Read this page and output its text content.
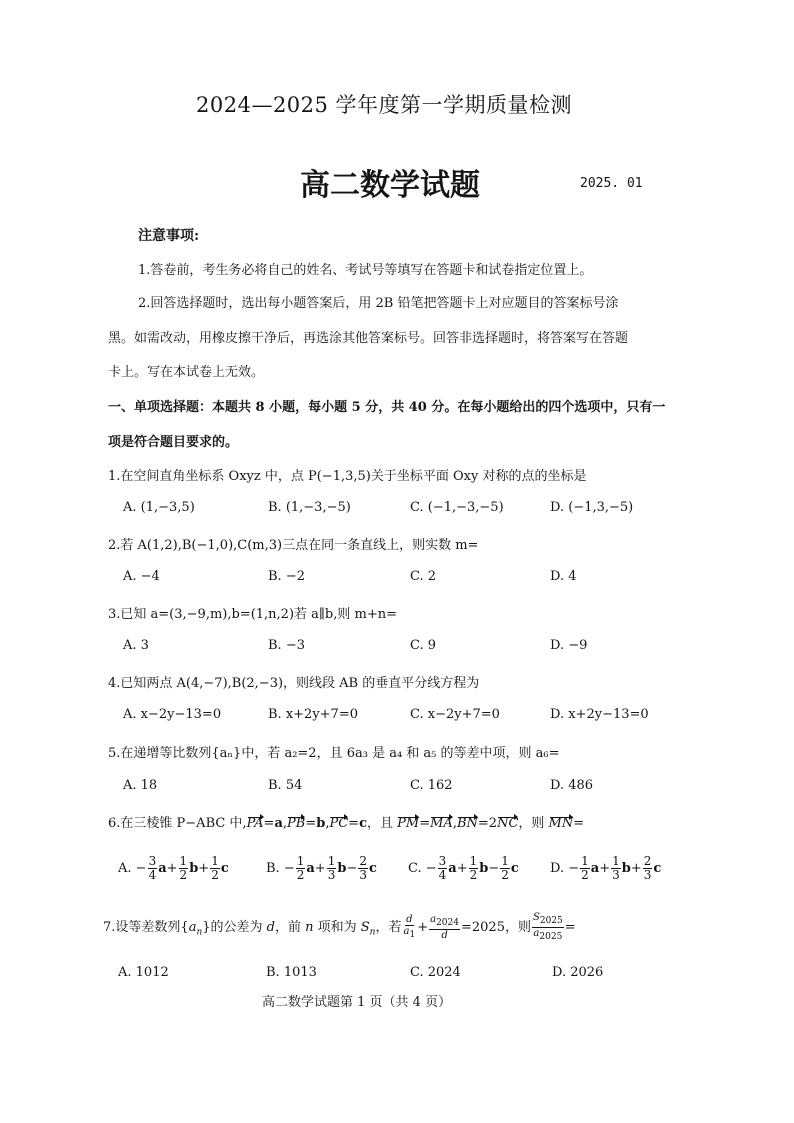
2024—2025 学年度第一学期质量检测
高二数学试题	2025. 01
注意事项:
1.答卷前，考生务必将自己的姓名、考试号等填写在答题卡和试卷指定位置上。
2.回答选择题时，选出每小题答案后，用 2B 铅笔把答题卡上对应题目的答案标号涂
黑。如需改动，用橡皮擦干净后，再选涂其他答案标号。回答非选择题时，将答案写在答题
卡上。写在本试卷上无效。
一、单项选择题：本题共 8 小题，每小题 5 分，共 40 分。在每小题给出的四个选项中，只有一
项是符合题目要求的。
1.在空间直角坐标系 Oxyz 中，点 P(−1,3,5)关于坐标平面 Oxy 对称的点的坐标是
A. (1,−3,5)	B. (1,−3,−5)	C. (−1,−3,−5)	D. (−1,3,−5)
2.若 A(1,2),B(−1,0),C(m,3)三点在同一条直线上，则实数 m=
A. −4	B. −2	C. 2	D. 4
3.已知 a=(3,−9,m),b=(1,n,2)若 a∥b,则 m+n=
A. 3	B. −3	C. 9	D. −9
4.已知两点 A(4,−7),B(2,−3)，则线段 AB 的垂直平分线方程为
A. x−2y−13=0	B. x+2y+7=0	C. x−2y+7=0	D. x+2y−13=0
5.在递增等比数列{aₙ}中，若 a₂=2，且 6a₃ 是 a₄ 和 a₅ 的等差中项，则 a₆=
A. 18	B. 54	C. 162	D. 486
6.在三棱锥 P−ABC 中,PA=a,PB=b,PC=c，且 PM=MA,BN=2NC，则 MN=
A. − $\frac{3}{4} a+ \frac{1}{2} b+ \frac{1}{2}$ c	B. − $\frac{1}{2} a+ \frac{1}{3} b- \frac{2}{3}$ c C. − $\frac{3}{4} a+ \frac{1}{2} b- \frac{1}{2}$ c D. − $\frac{1}{2} a+ \frac{1}{3} b+ \frac{2}{3}$ c
7.设等差数列$\{a_n\}$的公差为 d，前 n 项和为 $S_n$，若 $\frac{d}{a_1} + \frac{a_{2024}}{d} =2025$，则 $\frac{S_{2025}}{a_{2025}}$ =
A. 1012	B. 1013	C. 2024	D. 2026
高二数学试题第 1 页（共 4 页）
